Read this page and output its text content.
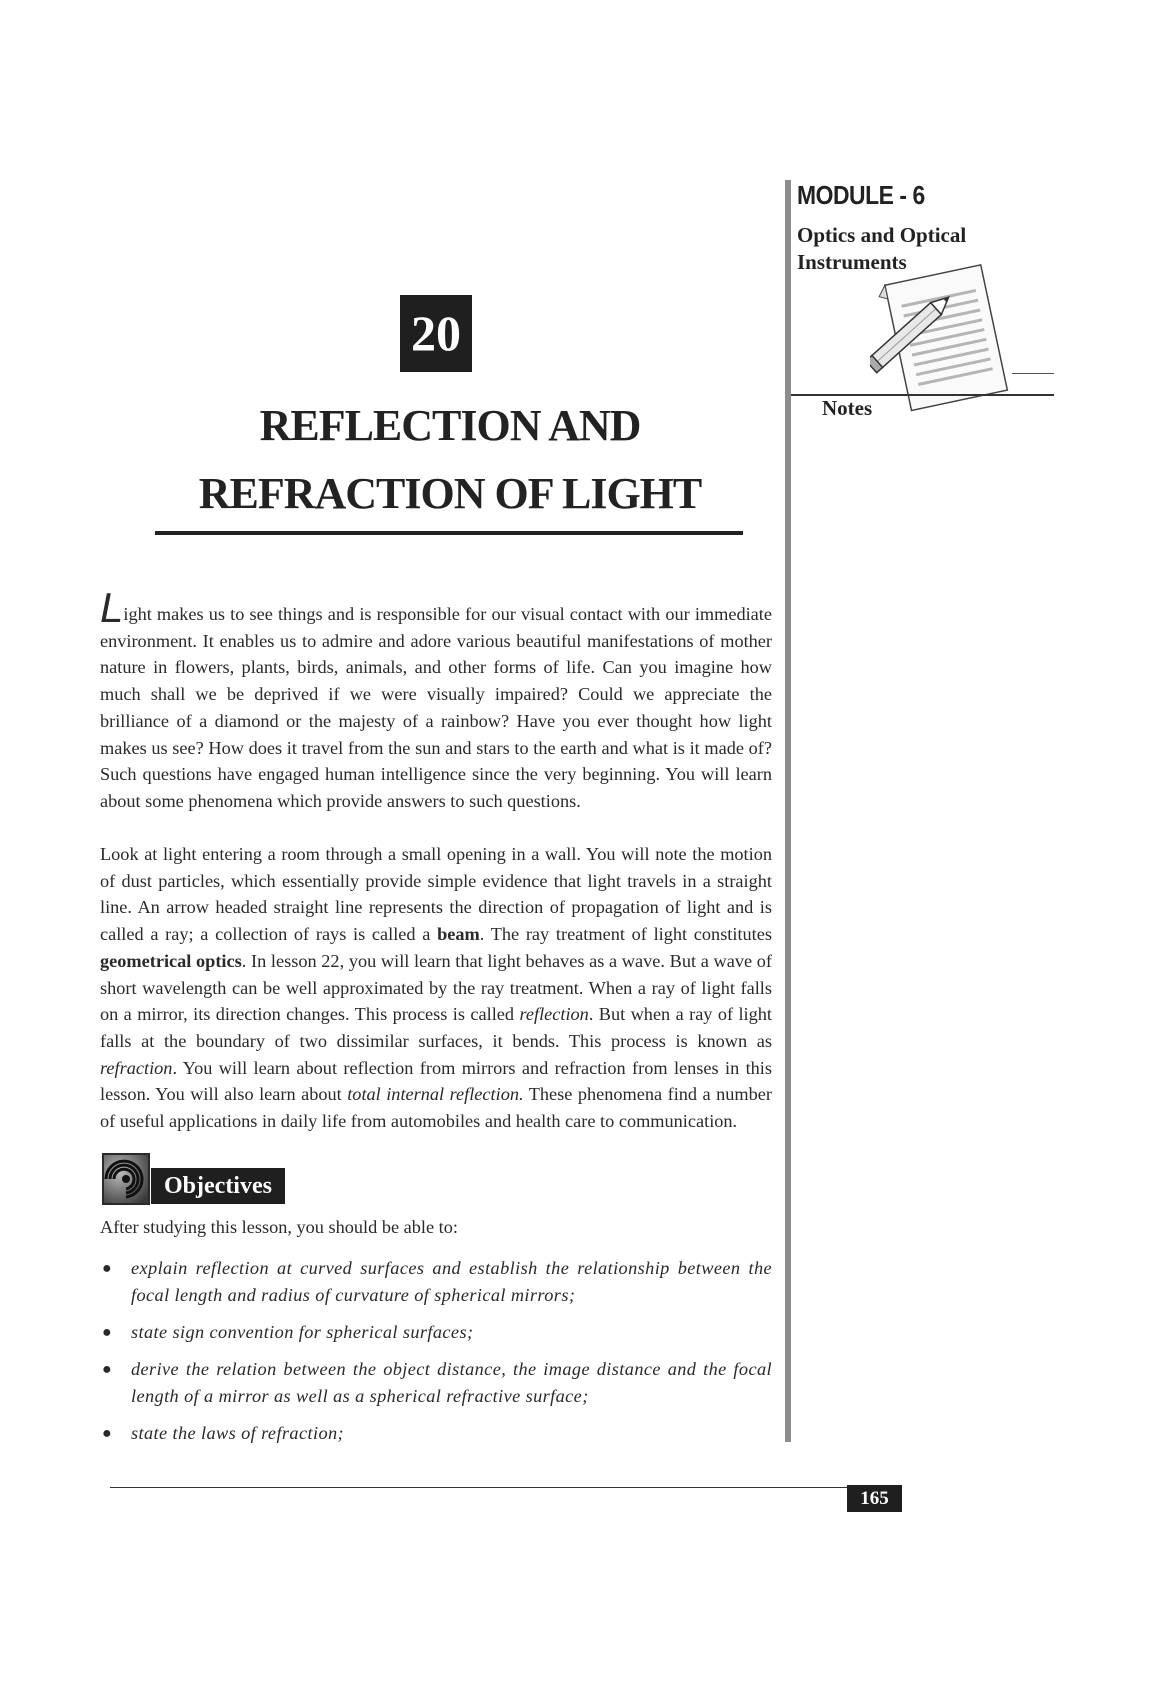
MODULE - 6
Optics and Optical Instruments
Notes
20
REFLECTION AND
REFRACTION OF LIGHT

Light makes us to see things and is responsible for our visual contact with our immediate environment. It enables us to admire and adore various beautiful manifestations of mother nature in flowers, plants, birds, animals, and other forms of life. Can you imagine how much shall we be deprived if we were visually impaired? Could we appreciate the brilliance of a diamond or the majesty of a rainbow? Have you ever thought how light makes us see? How does it travel from the sun and stars to the earth and what is it made of? Such questions have engaged human intelligence since the very beginning. You will learn about some phenomena which provide answers to such questions.

Look at light entering a room through a small opening in a wall. You will note the motion of dust particles, which essentially provide simple evidence that light travels in a straight line. An arrow headed straight line represents the direction of propagation of light and is called a ray; a collection of rays is called a beam. The ray treatment of light constitutes geometrical optics. In lesson 22, you will learn that light behaves as a wave. But a wave of short wavelength can be well approximated by the ray treatment. When a ray of light falls on a mirror, its direction changes. This process is called reflection. But when a ray of light falls at the boundary of two dissimilar surfaces, it bends. This process is known as refraction. You will learn about reflection from mirrors and refraction from lenses in this lesson. You will also learn about total internal reflection. These phenomena find a number of useful applications in daily life from automobiles and health care to communication.

Objectives
After studying this lesson, you should be able to:
● explain reflection at curved surfaces and establish the relationship between the focal length and radius of curvature of spherical mirrors;
● state sign convention for spherical surfaces;
● derive the relation between the object distance, the image distance and the focal length of a mirror as well as a spherical refractive surface;
● state the laws of refraction;
165
